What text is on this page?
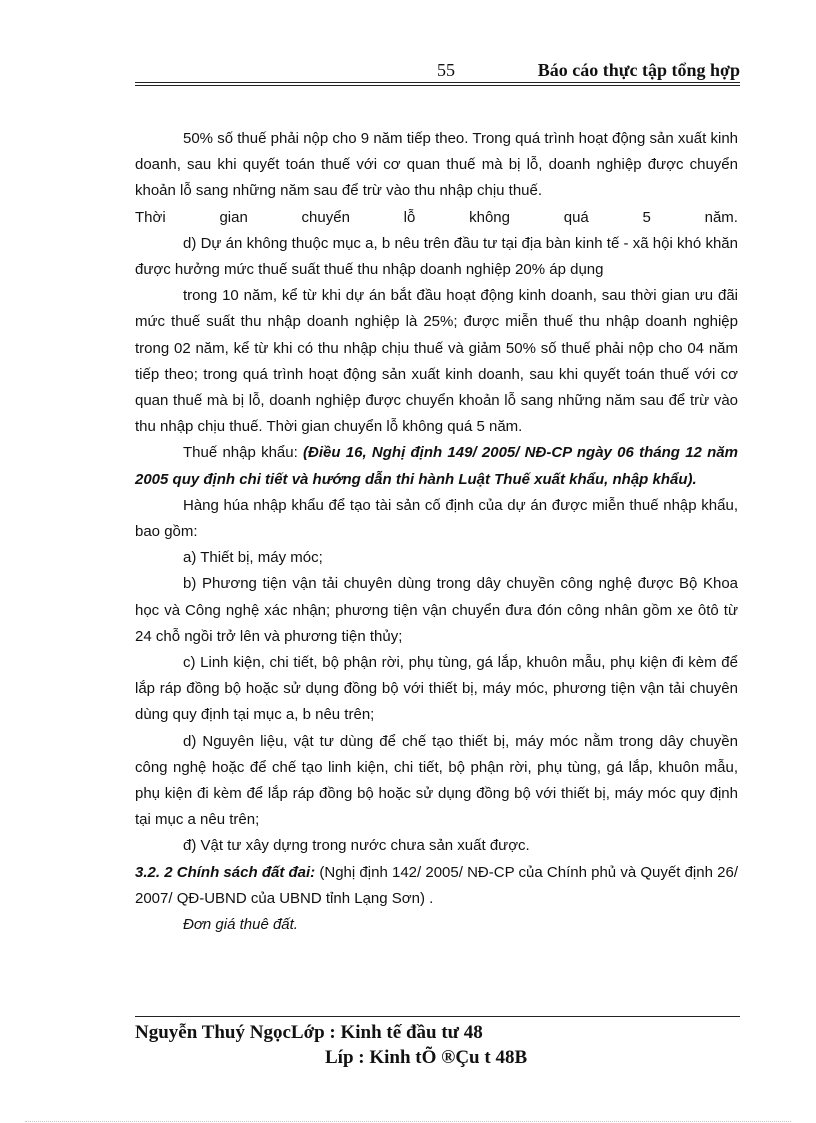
55	Báo cáo thực tập tổng hợp

50% số thuế phải nộp cho 9 năm tiếp theo. Trong quá trình hoạt động sản xuất kinh doanh, sau khi quyết toán thuế với cơ quan thuế mà bị lỗ, doanh nghiệp được chuyển khoản lỗ sang những năm sau để trừ vào thu nhập chịu thuế.

Thời	gian	chuyển	lỗ	không	quá	5	năm.

d) Dự án không thuộc mục a, b nêu trên đầu tư tại địa bàn kinh tế - xã hội khó khăn được hưởng mức thuế suất thuế thu nhập doanh nghiệp 20% áp dụng

trong 10 năm, kể từ khi dự án bắt đầu hoạt động kinh doanh, sau thời gian ưu đãi mức thuế suất thu nhập doanh nghiệp là 25%; được miễn thuế thu nhập doanh nghiệp trong 02 năm, kể từ khi có thu nhập chịu thuế và giảm 50% số thuế phải nộp cho 04 năm tiếp theo; trong quá trình hoạt động sản xuất kinh doanh, sau khi quyết toán thuế với cơ quan thuế mà bị lỗ, doanh nghiệp được chuyển khoản lỗ sang những năm sau để trừ vào thu nhập chịu thuế. Thời gian chuyển lỗ không quá 5 năm.

Thuế nhập khẩu: (Điều 16, Nghị định 149/ 2005/ NĐ-CP ngày 06 tháng 12 năm 2005 quy định chi tiết và hướng dẫn thi hành Luật Thuế xuất khẩu, nhập khẩu).

Hàng húa nhập khẩu để tạo tài sản cố định của dự án được miễn thuế nhập khẩu, bao gồm:

a) Thiết bị, máy móc;

b) Phương tiện vận tải chuyên dùng trong dây chuyền công nghệ được Bộ Khoa học và Công nghệ xác nhận; phương tiện vận chuyển đưa đón công nhân gồm xe ôtô từ 24 chỗ ngồi trở lên và phương tiện thủy;

c) Linh kiện, chi tiết, bộ phận rời, phụ tùng, gá lắp, khuôn mẫu, phụ kiện đi kèm để lắp ráp đồng bộ hoặc sử dụng đồng bộ với thiết bị, máy móc, phương tiện vận tải chuyên dùng quy định tại mục a, b nêu trên;

d) Nguyên liệu, vật tư dùng để chế tạo thiết bị, máy móc nằm trong dây chuyền công nghệ hoặc để chế tạo linh kiện, chi tiết, bộ phận rời, phụ tùng, gá lắp, khuôn mẫu, phụ kiện đi kèm để lắp ráp đồng bộ hoặc sử dụng đồng bộ với thiết bị, máy móc quy định tại mục a nêu trên;

đ) Vật tư xây dựng trong nước chưa sản xuất được.

3.2. 2 Chính sách đất đai: (Nghị định 142/ 2005/ NĐ-CP của Chính phủ và Quyết định 26/ 2007/ QĐ-UBND của UBND tỉnh Lạng Sơn) .

Đơn giá thuê đất.

Nguyễn Thuý NgọcLớp : Kinh tế đầu tư 48
Líp : Kinh tÕ ®Çu t 48B
